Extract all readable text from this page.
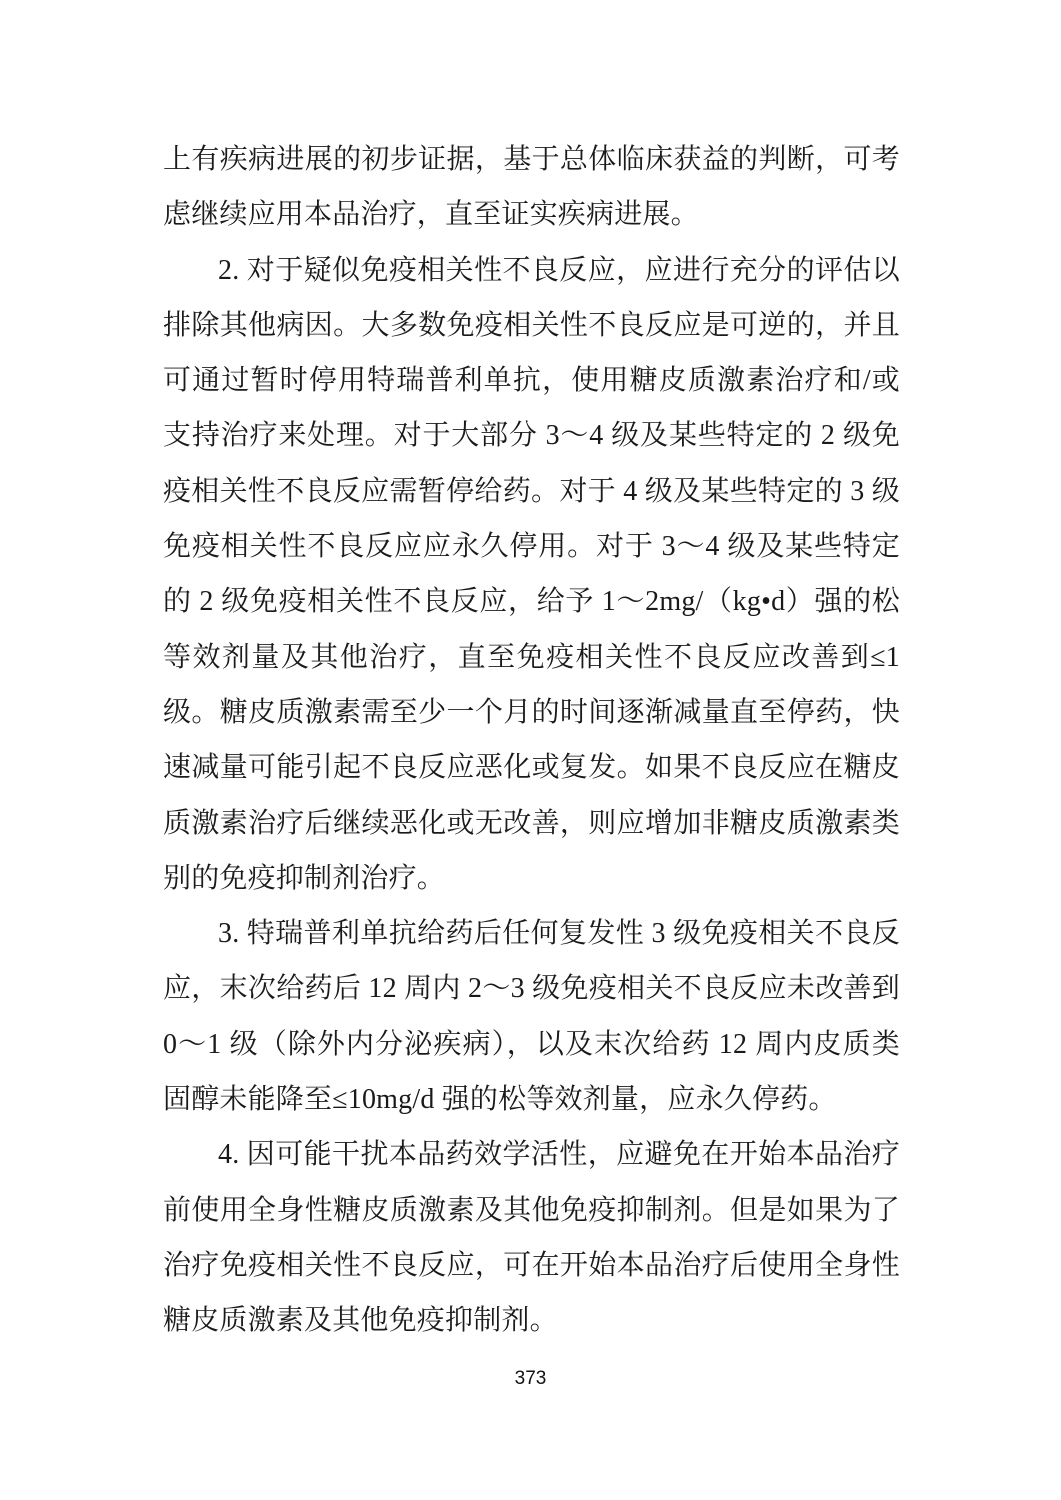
上有疾病进展的初步证据，基于总体临床获益的判断，可考
虑继续应用本品治疗，直至证实疾病进展。
2. 对于疑似免疫相关性不良反应，应进行充分的评估以
排除其他病因。大多数免疫相关性不良反应是可逆的，并且
可通过暂时停用特瑞普利单抗，使用糖皮质激素治疗和/或
支持治疗来处理。对于大部分 3～4 级及某些特定的 2 级免
疫相关性不良反应需暂停给药。对于 4 级及某些特定的 3 级
免疫相关性不良反应应永久停用。对于 3～4 级及某些特定
的 2 级免疫相关性不良反应，给予 1～2mg/（kg•d）强的松
等效剂量及其他治疗，直至免疫相关性不良反应改善到≤1
级。糖皮质激素需至少一个月的时间逐渐减量直至停药，快
速减量可能引起不良反应恶化或复发。如果不良反应在糖皮
质激素治疗后继续恶化或无改善，则应增加非糖皮质激素类
别的免疫抑制剂治疗。
3. 特瑞普利单抗给药后任何复发性 3 级免疫相关不良反
应，末次给药后 12 周内 2～3 级免疫相关不良反应未改善到
0～1 级（除外内分泌疾病），以及末次给药 12 周内皮质类
固醇未能降至≤10mg/d 强的松等效剂量，应永久停药。
4. 因可能干扰本品药效学活性，应避免在开始本品治疗
前使用全身性糖皮质激素及其他免疫抑制剂。但是如果为了
治疗免疫相关性不良反应，可在开始本品治疗后使用全身性
糖皮质激素及其他免疫抑制剂。
373
